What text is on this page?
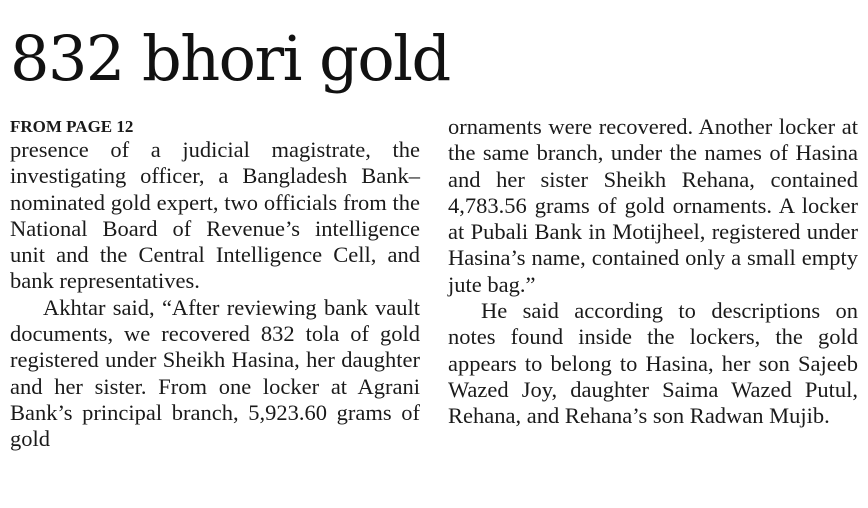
832 bhori gold
FROM PAGE 12

presence of a judicial magistrate, the investigating officer, a Bangladesh Bank–nominated gold expert, two officials from the National Board of Revenue’s intelligence unit and the Central Intelligence Cell, and bank representatives.

Akhtar said, “After reviewing bank vault documents, we recovered 832 tola of gold registered under Sheikh Hasina, her daughter and her sister. From one locker at Agrani Bank’s principal branch, 5,923.60 grams of gold

ornaments were recovered. Another locker at the same branch, under the names of Hasina and her sister Sheikh Rehana, contained 4,783.56 grams of gold ornaments. A locker at Pubali Bank in Motijheel, registered under Hasina’s name, contained only a small empty jute bag.”

He said according to descriptions on notes found inside the lockers, the gold appears to belong to Hasina, her son Sajeeb Wazed Joy, daughter Saima Wazed Putul, Rehana, and Rehana’s son Radwan Mujib.
